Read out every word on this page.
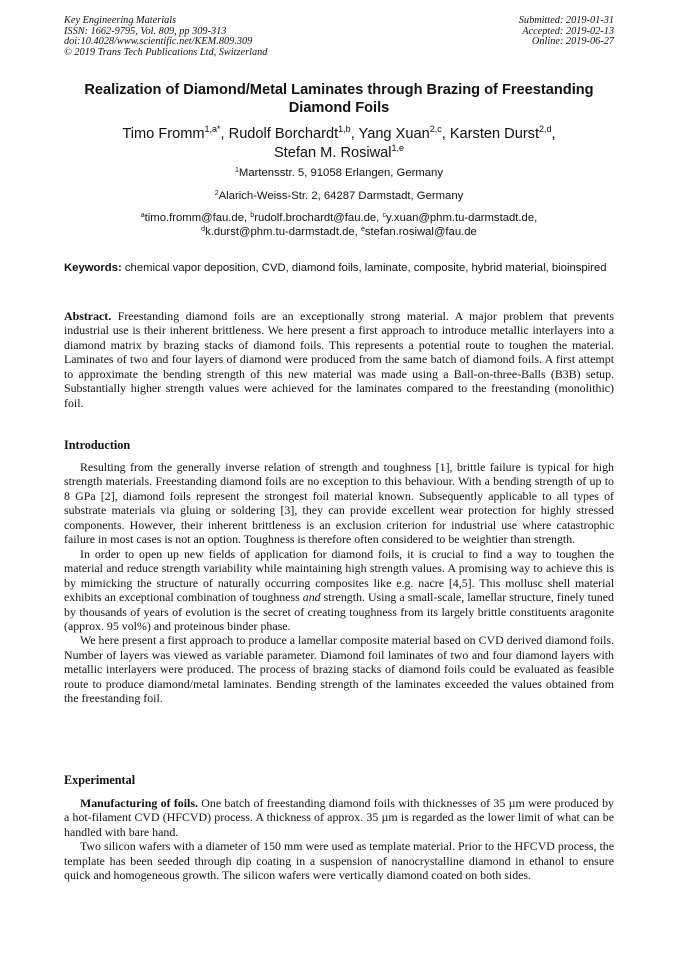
Key Engineering Materials
ISSN: 1662-9795, Vol. 809, pp 309-313
doi:10.4028/www.scientific.net/KEM.809.309
© 2019 Trans Tech Publications Ltd, Switzerland
Submitted: 2019-01-31
Accepted: 2019-02-13
Online: 2019-06-27
Realization of Diamond/Metal Laminates through Brazing of Freestanding Diamond Foils
Timo Fromm$^{1,a*}$, Rudolf Borchardt$^{1,b}$, Yang Xuan$^{2,c}$, Karsten Durst$^{2,d}$,
Stefan M. Rosiwal$^{1,e}$
$^1$Martensstr. 5, 91058 Erlangen, Germany
$^2$Alarich-Weiss-Str. 2, 64287 Darmstadt, Germany
$^a$timo.fromm@fau.de, $^b$rudolf.brochardt@fau.de, $^c$y.xuan@phm.tu-darmstadt.de,
$^d$k.durst@phm.tu-darmstadt.de, $^e$stefan.rosiwal@fau.de
Keywords: chemical vapor deposition, CVD, diamond foils, laminate, composite, hybrid material, bioinspired
Abstract. Freestanding diamond foils are an exceptionally strong material. A major problem that prevents industrial use is their inherent brittleness. We here present a first approach to introduce metallic interlayers into a diamond matrix by brazing stacks of diamond foils. This represents a potential route to toughen the material. Laminates of two and four layers of diamond were produced from the same batch of diamond foils. A first attempt to approximate the bending strength of this new material was made using a Ball-on-three-Balls (B3B) setup. Substantially higher strength values were achieved for the laminates compared to the freestanding (monolithic) foil.
Introduction

Resulting from the generally inverse relation of strength and toughness [1], brittle failure is typical for high strength materials. Freestanding diamond foils are no exception to this behaviour. With a bending strength of up to 8 GPa [2], diamond foils represent the strongest foil material known. Subsequently applicable to all types of substrate materials via gluing or soldering [3], they can provide excellent wear protection for highly stressed components. However, their inherent brittleness is an exclusion criterion for industrial use where catastrophic failure in most cases is not an option. Toughness is therefore often considered to be weightier than strength.

In order to open up new fields of application for diamond foils, it is crucial to find a way to toughen the material and reduce strength variability while maintaining high strength values. A promising way to achieve this is by mimicking the structure of naturally occurring composites like e.g. nacre [4,5]. This mollusc shell material exhibits an exceptional combination of toughness and strength. Using a small-scale, lamellar structure, finely tuned by thousands of years of evolution is the secret of creating toughness from its largely brittle constituents aragonite (approx. 95 vol%) and proteinous binder phase.

We here present a first approach to produce a lamellar composite material based on CVD derived diamond foils. Number of layers was viewed as variable parameter. Diamond foil laminates of two and four diamond layers with metallic interlayers were produced. The process of brazing stacks of diamond foils could be evaluated as feasible route to produce diamond/metal laminates. Bending strength of the laminates exceeded the values obtained from the freestanding foil.

Experimental

Manufacturing of foils. One batch of freestanding diamond foils with thicknesses of 35 µm were produced by a hot-filament CVD (HFCVD) process. A thickness of approx. 35 µm is regarded as the lower limit of what can be handled with bare hand.

Two silicon wafers with a diameter of 150 mm were used as template material. Prior to the HFCVD process, the template has been seeded through dip coating in a suspension of nanocrystalline diamond in ethanol to ensure quick and homogeneous growth. The silicon wafers were vertically diamond coated on both sides.
